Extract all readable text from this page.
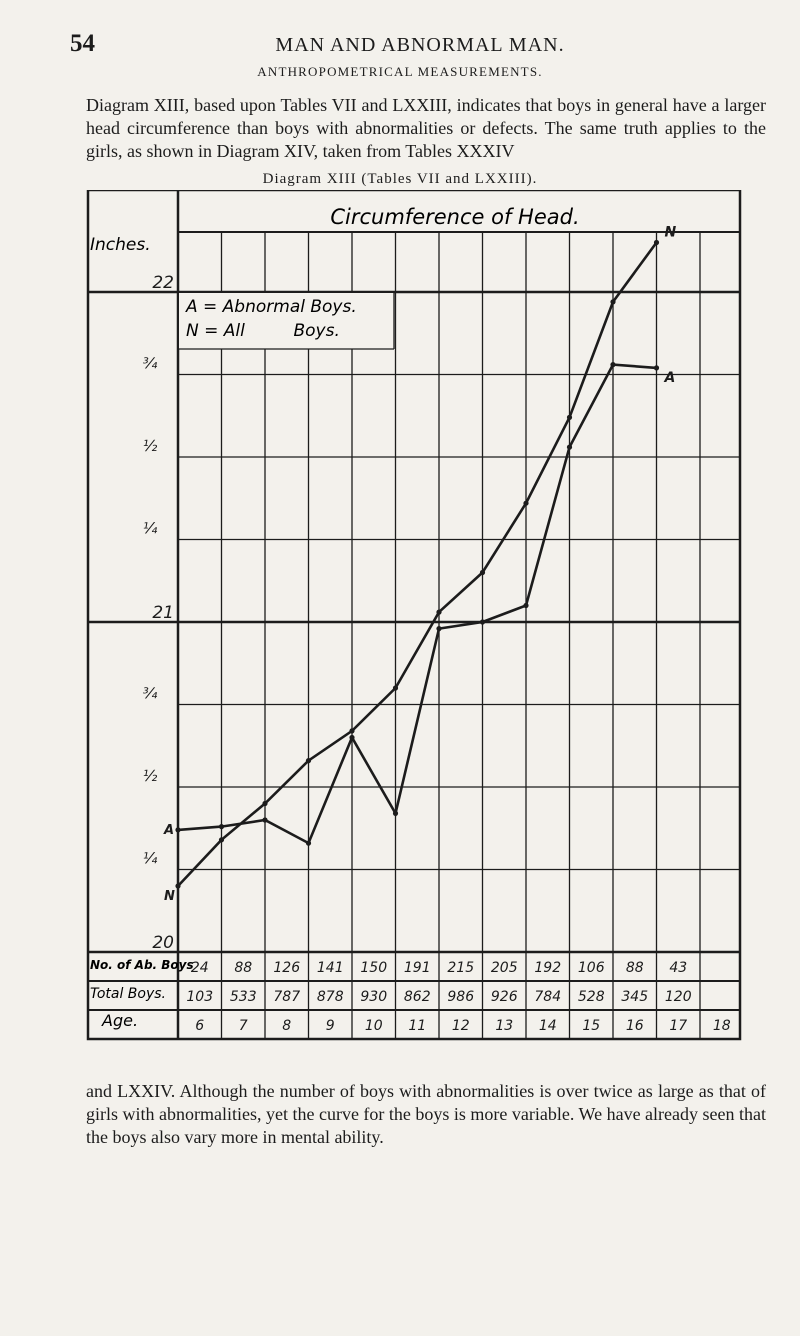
54	MAN AND ABNORMAL MAN.
ANTHROPOMETRICAL MEASUREMENTS.

Diagram XIII, based upon Tables VII and LXXIII, indicates that boys in general have a larger head circumference than boys with abnormalities or defects. The same truth applies to the girls, as shown in Diagram XIV, taken from Tables XXXIV

Diagram XIII (Tables VII and LXXIII).
22
¾
½
¼
21
¾
½
¼
20
24 88 126 141 150 191 215 205 192 106 88 43
103 533 787 878 930 862 986 926 784 528 345 120
6 7 8 9 10 11 12 13 14 15 16 17 18
A
A
N
N
Inches.
Circumference of Head.
A = Abnormal Boys.
N = All         Boys.
No. of Ab. Boys
Total Boys.
Age.

and LXXIV. Although the number of boys with abnormalities is over twice as large as that of girls with abnormalities, yet the curve for the boys is more variable. We have already seen that the boys also vary more in mental ability.
